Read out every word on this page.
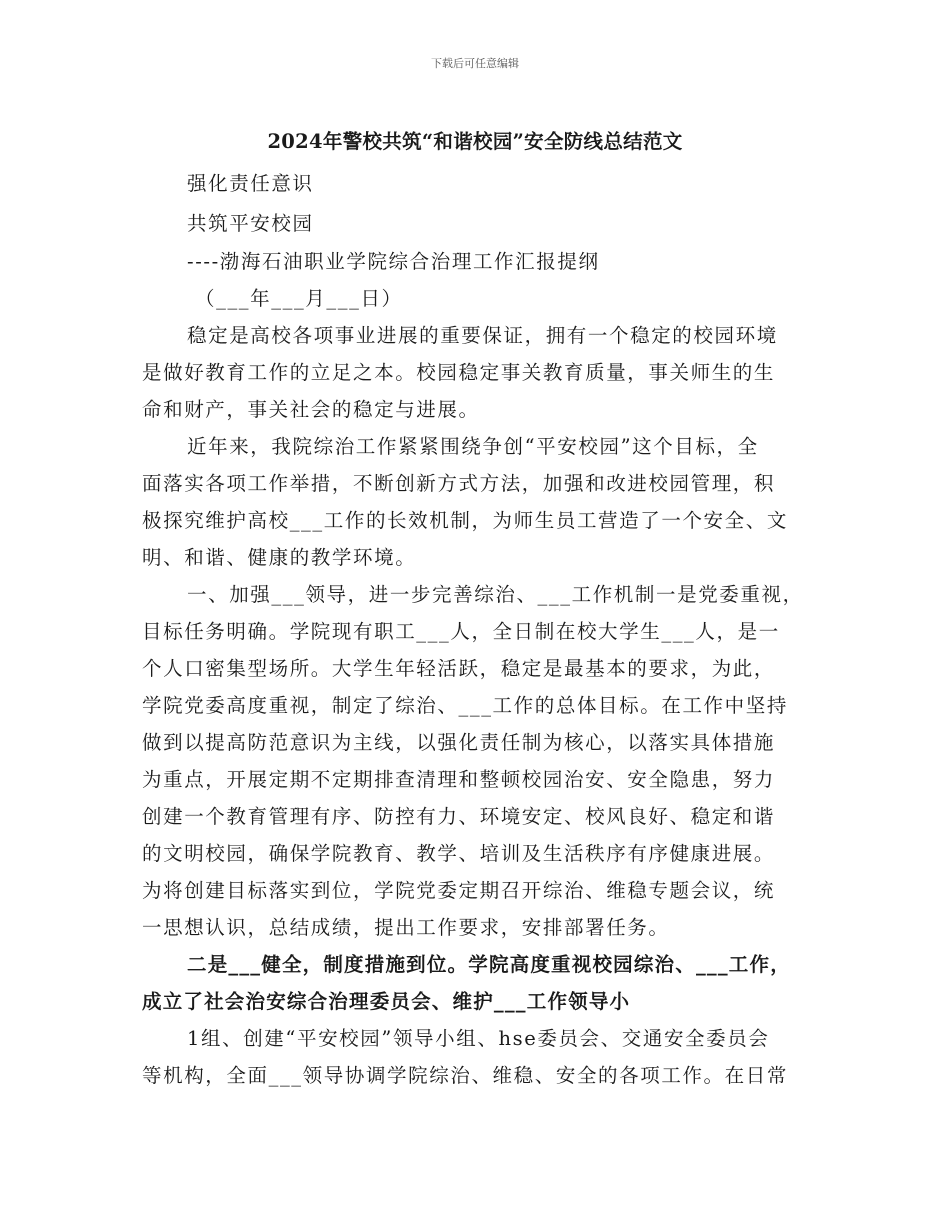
下载后可任意编辑
2024年警校共筑“和谐校园”安全防线总结范文
强化责任意识
共筑平安校园
----渤海石油职业学院综合治理工作汇报提纲
（___年___月___日）
稳定是高校各项事业进展的重要保证，拥有一个稳定的校园环境
是做好教育工作的立足之本。校园稳定事关教育质量，事关师生的生
命和财产，事关社会的稳定与进展。
近年来，我院综治工作紧紧围绕争创“平安校园”这个目标，全
面落实各项工作举措，不断创新方式方法，加强和改进校园管理，积
极探究维护高校___工作的长效机制，为师生员工营造了一个安全、文
明、和谐、健康的教学环境。
一、加强___领导，进一步完善综治、___工作机制一是党委重视，
目标任务明确。学院现有职工___人，全日制在校大学生___人，是一
个人口密集型场所。大学生年轻活跃，稳定是最基本的要求，为此，
学院党委高度重视，制定了综治、___工作的总体目标。在工作中坚持
做到以提高防范意识为主线，以强化责任制为核心，以落实具体措施
为重点，开展定期不定期排查清理和整顿校园治安、安全隐患，努力
创建一个教育管理有序、防控有力、环境安定、校风良好、稳定和谐
的文明校园，确保学院教育、教学、培训及生活秩序有序健康进展。
为将创建目标落实到位，学院党委定期召开综治、维稳专题会议，统
一思想认识，总结成绩，提出工作要求，安排部署任务。
二是___健全，制度措施到位。学院高度重视校园综治、___工作，
成立了社会治安综合治理委员会、维护___工作领导小
1组、创建“平安校园”领导小组、hse委员会、交通安全委员会
等机构，全面___领导协调学院综治、维稳、安全的各项工作。在日常
